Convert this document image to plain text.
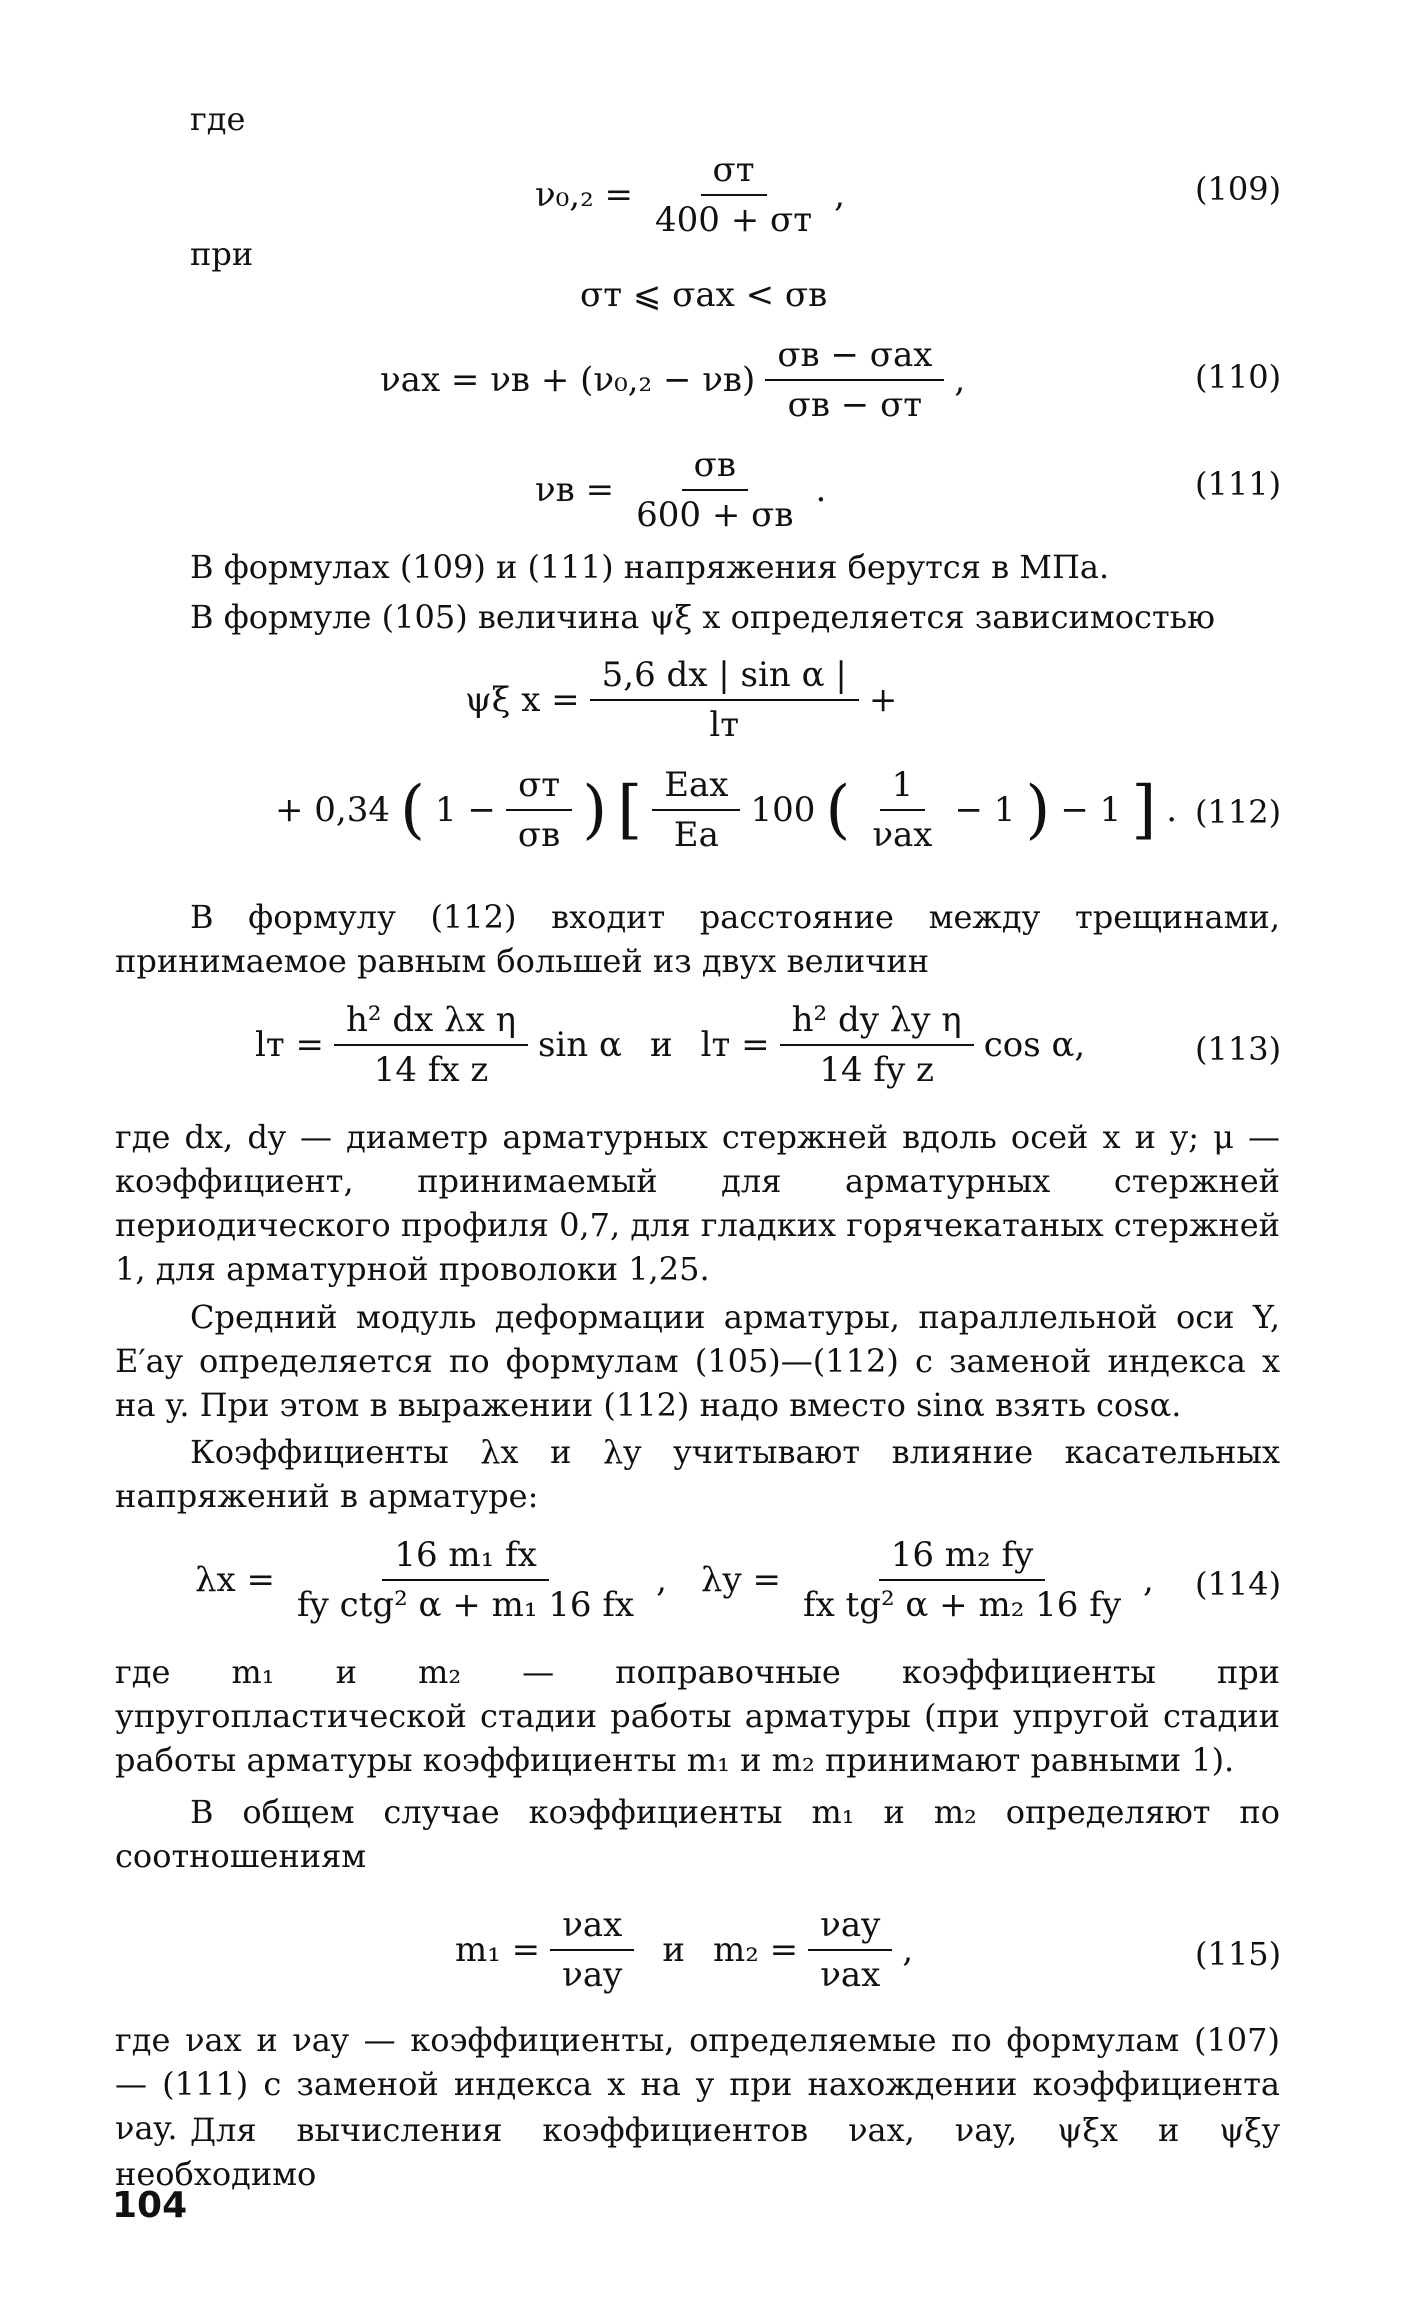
где
$\nu_0,_2 = \frac{\sigma т}{400 + \sigma т}$ ,	(109)
при
σт ⩽ σax < σв
$\nu ax = \nu в + (\nu_0,_2 - \nu в) \frac{\text{σв − σax}}{\sigma в - \sigma т}$ ,	(110)
$\nu в = \frac{\sigma в}{600 + \sigma в}$ .	(111)
В формулах (109) и (111) напряжения берутся в МПа.
В формуле (105) величина ψξ x определяется зависимостью
ψξ $x = \frac{\text{5,6 dx | sin α |}}{lт}$ +
+ 0,34 ( $1 - \frac{\sigma т}{\sigma в}$ ) [ $\frac{\text{Eax}}{Ea} 100$ ( $\frac{1}{\text{νax}} - 1$ ) − 1 ] . (112)
В формулу (112) входит расстояние между трещинами, принимаемое равным большей из двух величин
lт = $\frac{\text{h² dx λx η}}{\text{14 fx z}}$ sin α и lт = $\frac{\text{h² dy λy η}}{\text{14 fy z}}$ cos α,	(113)
где dx, dy — диаметр арматурных стержней вдоль осей x и y; μ — коэффициент, принимаемый для арматурных стержней периодического профиля 0,7, для гладких горячекатаных стержней 1, для арматурной проволоки 1,25.
Средний модуль деформации арматуры, параллельной оси Y, E′ay определяется по формулам (105)—(112) с заменой индекса x на y. При этом в выражении (112) надо вместо sinα взять cosα.
Коэффициенты λx и λy учитывают влияние касательных напряжений в арматуре:
$\lambda x = \frac{\text{16 m₁ fx}}{\text{fy ctg² α + m₁ 16 fx}}$ , $\lambda y = \frac{\text{16 m₂ fy}}{\text{fx tg² α + m₂ 16 fy}}$ , (114)
где m₁ и m₂ — поправочные коэффициенты при упругопластической стадии работы арматуры (при упругой стадии работы арматуры коэффициенты m₁ и m₂ принимают равными 1).
В общем случае коэффициенты m₁ и m₂ определяют по соотношениям
$m_1 = \frac{\text{νax}}{\text{νay}}$ и $m_2 = \frac{\text{νay}}{\text{νax}}$ ,	(115)
где νax и νay — коэффициенты, определяемые по формулам (107) — (111) с заменой индекса x на y при нахождении коэффициента νay. Для вычисления коэффициентов νax, νay, ψξx и ψξy необходимо
104
